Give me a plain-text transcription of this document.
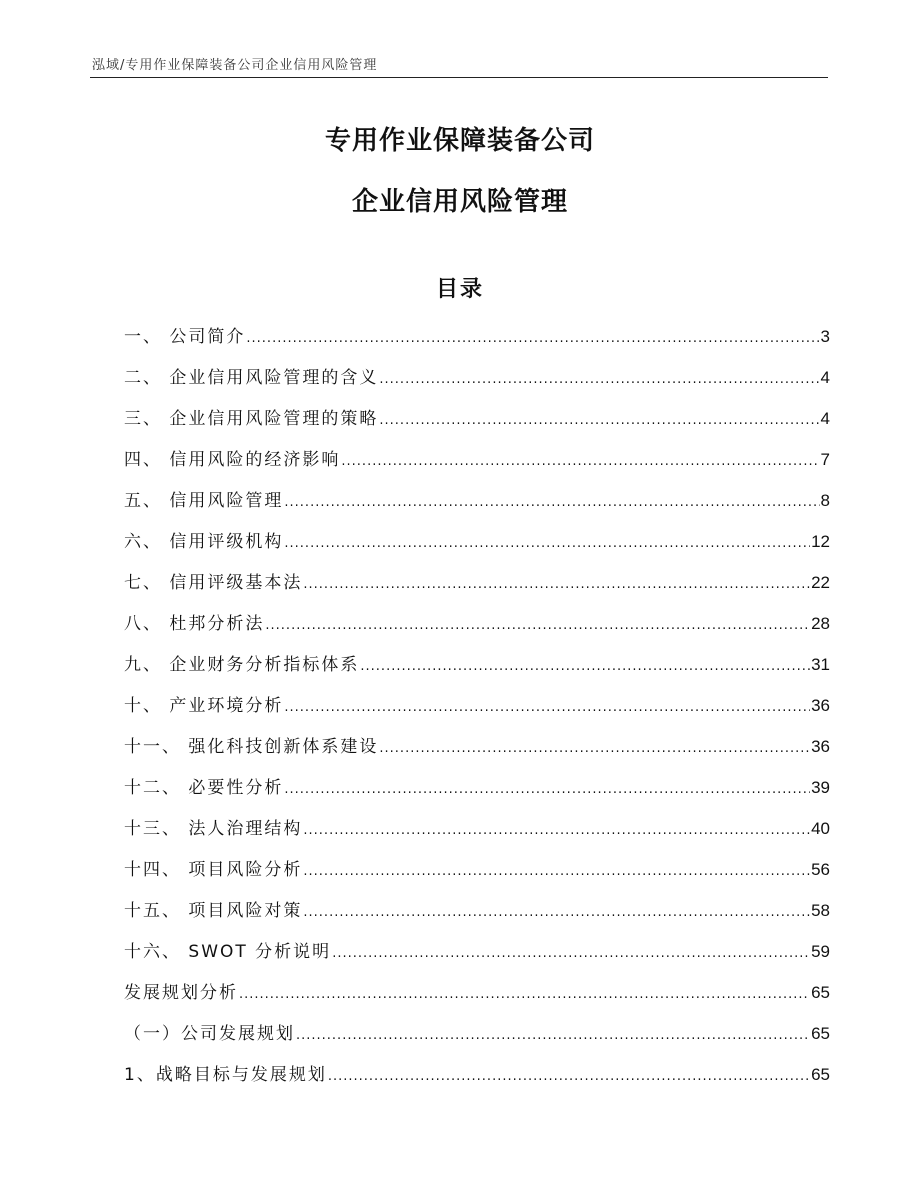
泓域/专用作业保障装备公司企业信用风险管理
专用作业保障装备公司
企业信用风险管理
目录
一、 公司简介 .....	3
二、 企业信用风险管理的含义 .....	4
三、 企业信用风险管理的策略 .....	4
四、 信用风险的经济影响 .....	7
五、 信用风险管理 .....	8
六、 信用评级机构 .....	12
七、 信用评级基本法 .....	22
八、 杜邦分析法 .....	28
九、 企业财务分析指标体系 .....	31
十、 产业环境分析 .....	36
十一、 强化科技创新体系建设 .....	36
十二、 必要性分析 .....	39
十三、 法人治理结构 .....	40
十四、 项目风险分析 .....	56
十五、 项目风险对策 .....	58
十六、 SWOT 分析说明 .....	59
发展规划分析 .....	65
（一）公司发展规划 .....	65
1、战略目标与发展规划 .....	65
